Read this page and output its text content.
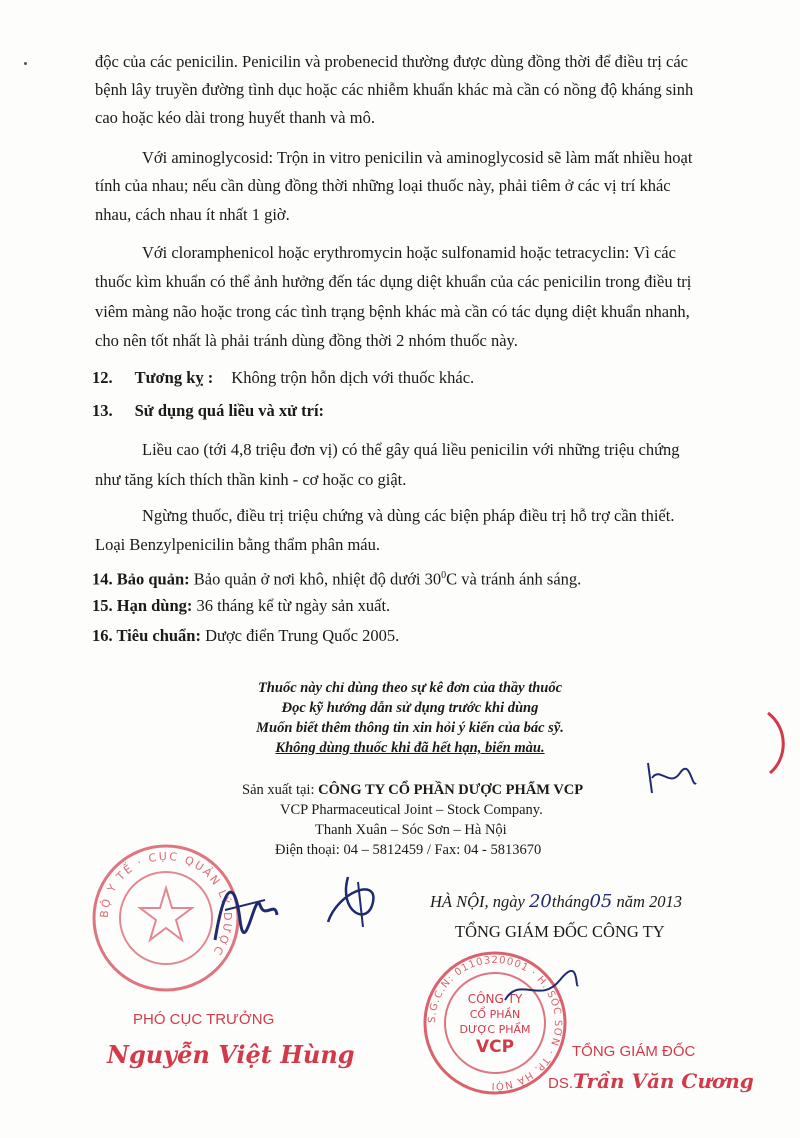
độc của các penicilin. Penicilin và probenecid thường được dùng đồng thời để điều trị các
bệnh lây truyền đường tình dục hoặc các nhiễm khuẩn khác mà cần có nồng độ kháng sinh
cao hoặc kéo dài trong huyết thanh và mô.
Với aminoglycosid: Trộn in vitro penicilin và aminoglycosid sẽ làm mất nhiều hoạt
tính của nhau; nếu cần dùng đồng thời những loại thuốc này, phải tiêm ở các vị trí khác
nhau, cách nhau ít nhất 1 giờ.
Với cloramphenicol hoặc erythromycin hoặc sulfonamid hoặc tetracyclin: Vì các
thuốc kìm khuẩn có thể ảnh hưởng đến tác dụng diệt khuẩn của các penicilin trong điều trị
viêm màng não hoặc trong các tình trạng bệnh khác mà cần có tác dụng diệt khuẩn nhanh,
cho nên tốt nhất là phải tránh dùng đồng thời 2 nhóm thuốc này.
12. Tương kỵ : Không trộn hỗn dịch với thuốc khác.
13. Sử dụng quá liều và xử trí:
Liều cao (tới 4,8 triệu đơn vị) có thể gây quá liều penicilin với những triệu chứng
như tăng kích thích thần kinh - cơ hoặc co giật.
Ngừng thuốc, điều trị triệu chứng và dùng các biện pháp điều trị hỗ trợ cần thiết.
Loại Benzylpenicilin bằng thẩm phân máu.
14. Bảo quản: Bảo quản ở nơi khô, nhiệt độ dưới $30^0C$ và tránh ánh sáng.
15. Hạn dùng: 36 tháng kể từ ngày sản xuất.
16. Tiêu chuẩn: Dược điển Trung Quốc 2005.
Thuốc này chỉ dùng theo sự kê đơn của thầy thuốc
Đọc kỹ hướng dẫn sử dụng trước khi dùng
Muốn biết thêm thông tin xin hỏi ý kiến của bác sỹ.
Không dùng thuốc khi đã hết hạn, biến màu.
Sản xuất tại: CÔNG TY CỔ PHẦN DƯỢC PHẨM VCP
VCP Pharmaceutical Joint – Stock Company.
Thanh Xuân – Sóc Sơn – Hà Nội
Điện thoại: 04 – 5812459 / Fax: 04 - 5813670
HÀ NỘI, ngày 20tháng05 năm 2013
TỔNG GIÁM ĐỐC CÔNG TY
BỘ Y TẾ · CỤC QUẢN LÝ DƯỢC
PHÓ CỤC TRƯỞNG
Nguyễn Việt Hùng
S.G.C.N: 0110320001 · H. SÓC SƠN · TP. HÀ NỘI
CÔNG TY
CỔ PHẦN
DƯỢC PHẨM
VCP	TỔNG GIÁM ĐỐC
DS.Trần Văn Cương
